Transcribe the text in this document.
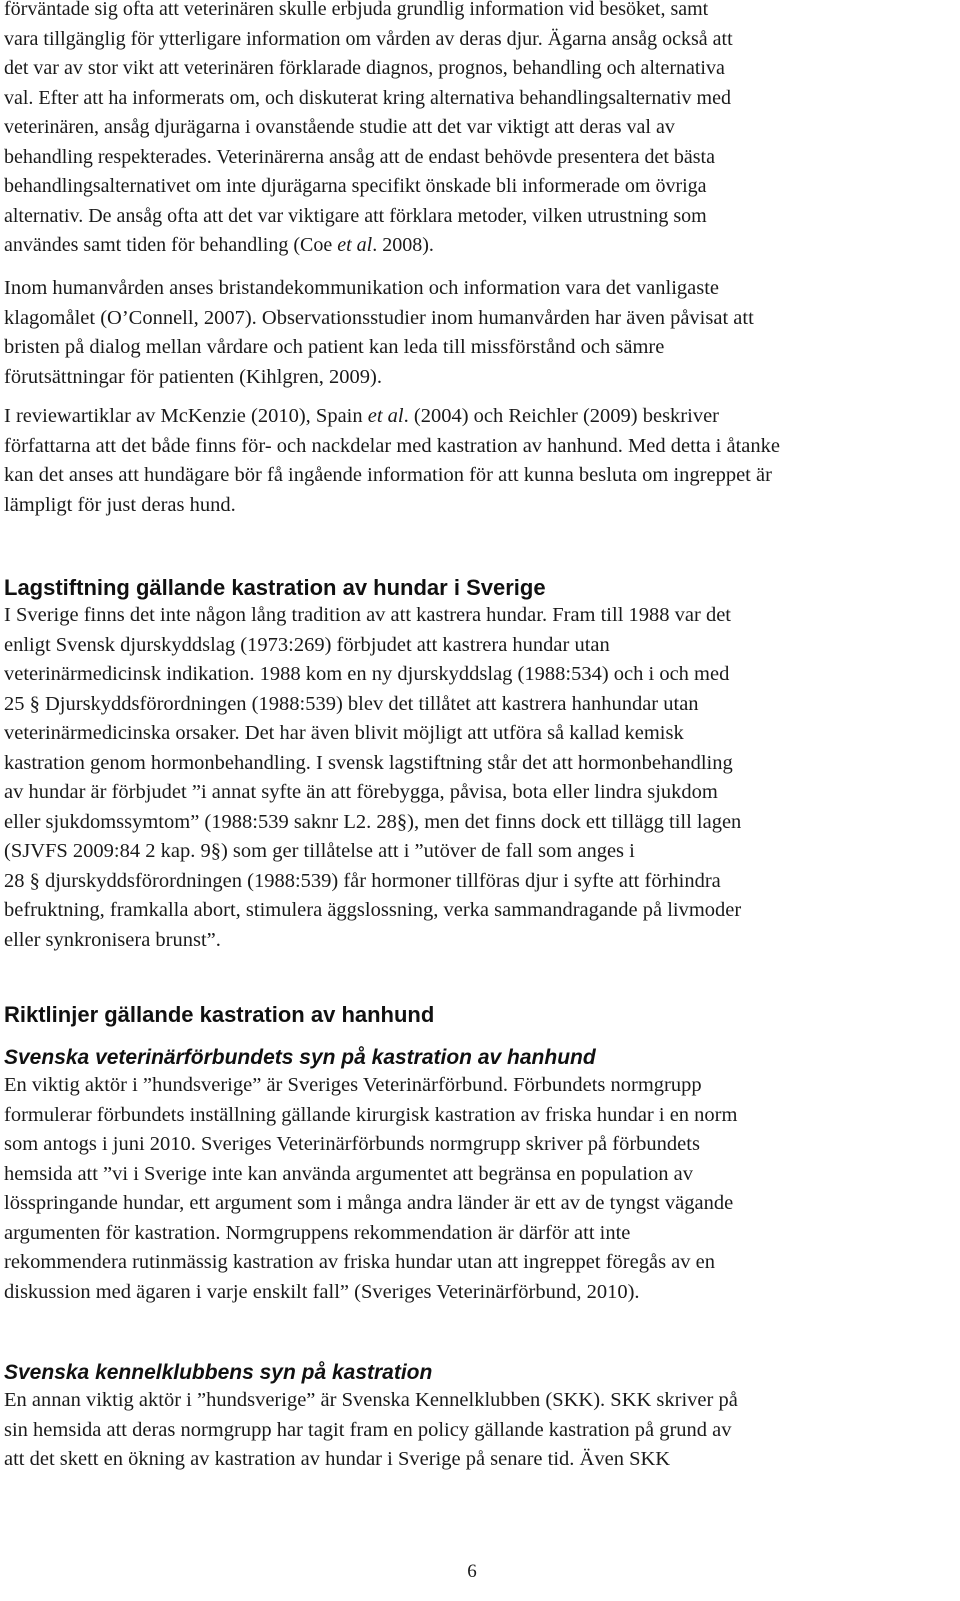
förväntade sig ofta att veterinären skulle erbjuda grundlig information vid besöket, samt
vara tillgänglig för ytterligare information om vården av deras djur. Ägarna ansåg också att
det var av stor vikt att veterinären förklarade diagnos, prognos, behandling och alternativa
val. Efter att ha informerats om, och diskuterat kring alternativa behandlingsalternativ med
veterinären, ansåg djurägarna i ovanstående studie att det var viktigt att deras val av
behandling respekterades. Veterinärerna ansåg att de endast behövde presentera det bästa
behandlingsalternativet om inte djurägarna specifikt önskade bli informerade om övriga
alternativ. De ansåg ofta att det var viktigare att förklara metoder, vilken utrustning som
användes samt tiden för behandling (Coe et al. 2008).

Inom humanvården anses bristandekommunikation och information vara det vanligaste
klagomålet (O’Connell, 2007). Observationsstudier inom humanvården har även påvisat att
bristen på dialog mellan vårdare och patient kan leda till missförstånd och sämre
förutsättningar för patienten (Kihlgren, 2009).

I reviewartiklar av McKenzie (2010), Spain et al. (2004) och Reichler (2009) beskriver
författarna att det både finns för- och nackdelar med kastration av hanhund. Med detta i åtanke
kan det anses att hundägare bör få ingående information för att kunna besluta om ingreppet är
lämpligt för just deras hund.

Lagstiftning gällande kastration av hundar i Sverige

I Sverige finns det inte någon lång tradition av att kastrera hundar. Fram till 1988 var det
enligt Svensk djurskyddslag (1973:269) förbjudet att kastrera hundar utan
veterinärmedicinsk indikation. 1988 kom en ny djurskyddslag (1988:534) och i och med
25 § Djurskyddsförordningen (1988:539) blev det tillåtet att kastrera hanhundar utan
veterinärmedicinska orsaker. Det har även blivit möjligt att utföra så kallad kemisk
kastration genom hormonbehandling. I svensk lagstiftning står det att hormonbehandling
av hundar är förbjudet ”i annat syfte än att förebygga, påvisa, bota eller lindra sjukdom
eller sjukdomssymtom” (1988:539 saknr L2. 28§), men det finns dock ett tillägg till lagen
(SJVFS 2009:84 2 kap. 9§) som ger tillåtelse att i ”utöver de fall som anges i
28 § djurskyddsförordningen (1988:539) får hormoner tillföras djur i syfte att förhindra
befruktning, framkalla abort, stimulera äggslossning, verka sammandragande på livmoder
eller synkronisera brunst”.

Riktlinjer gällande kastration av hanhund
Svenska veterinärförbundets syn på kastration av hanhund

En viktig aktör i ”hundsverige” är Sveriges Veterinärförbund. Förbundets normgrupp
formulerar förbundets inställning gällande kirurgisk kastration av friska hundar i en norm
som antogs i juni 2010. Sveriges Veterinärförbunds normgrupp skriver på förbundets
hemsida att ”vi i Sverige inte kan använda argumentet att begränsa en population av
lösspringande hundar, ett argument som i många andra länder är ett av de tyngst vägande
argumenten för kastration. Normgruppens rekommendation är därför att inte
rekommendera rutinmässig kastration av friska hundar utan att ingreppet föregås av en
diskussion med ägaren i varje enskilt fall” (Sveriges Veterinärförbund, 2010).

Svenska kennelklubbens syn på kastration

En annan viktig aktör i ”hundsverige” är Svenska Kennelklubben (SKK). SKK skriver på
sin hemsida att deras normgrupp har tagit fram en policy gällande kastration på grund av
att det skett en ökning av kastration av hundar i Sverige på senare tid. Även SKK

6
